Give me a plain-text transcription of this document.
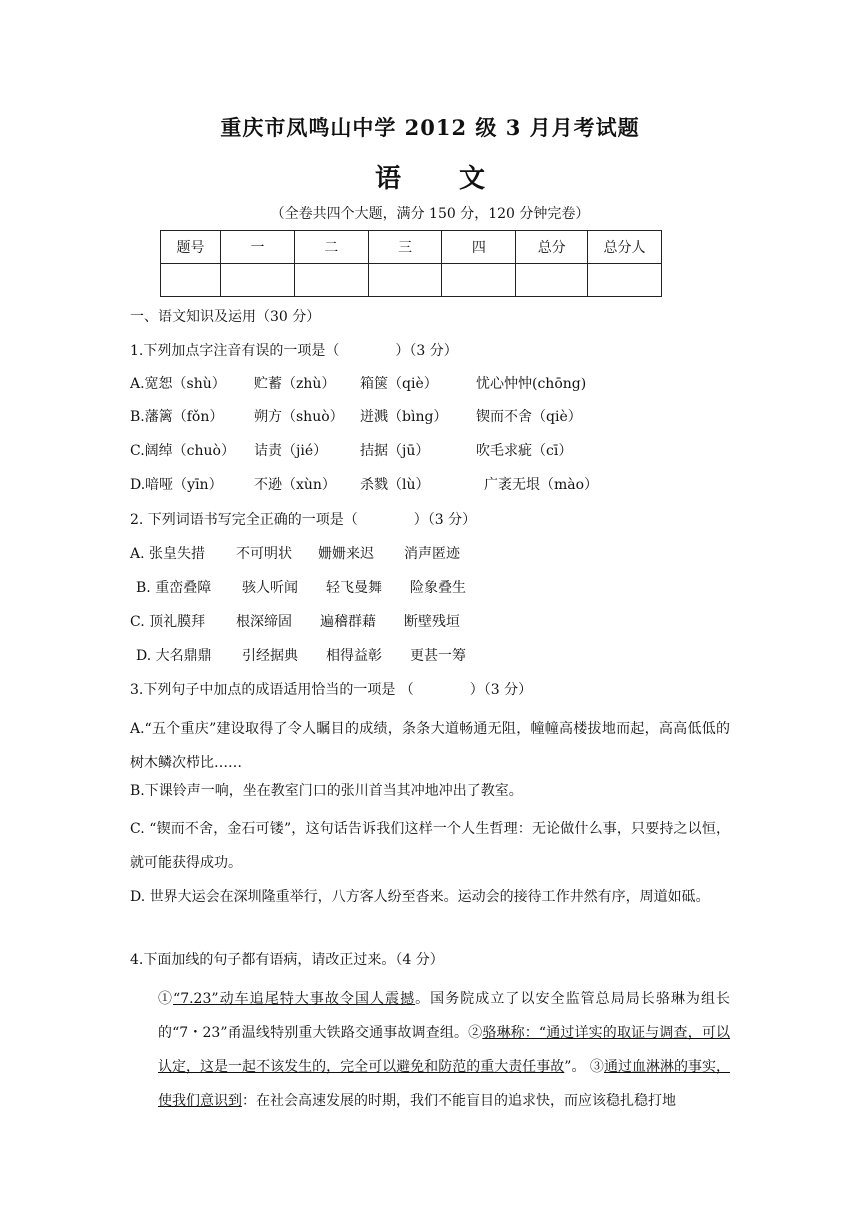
重庆市凤鸣山中学 2012 级 3 月月考试题
语文
（全卷共四个大题，满分 150 分，120 分钟完卷）
题号	一	二	三	四	总分	总分人

一、语文知识及运用（30 分）
1.下列加点字注音有误的一项是（　　　　）（3 分）
A.宽恕（shù） 贮蓄（zhù） 箱箧（qiè）	忧心忡忡(chōng)
B.藩篱（fǒn） 朔方（shuò） 迸溅（bìng） 锲而不舍（qiè）
C.阔绰（chuò） 诘责（jié） 拮据（jū）	吹毛求疵（cī）
D.喑哑（yīn） 不逊（xùn） 杀戮（lù）	广袤无垠（mào）
2. 下列词语书写完全正确的一项是（　　　　）（3 分）
A. 张皇失措 不可明状 姗姗来迟 消声匿迹
B. 重峦叠障 骇人听闻 轻飞曼舞 险象叠生
C. 顶礼膜拜 根深缔固 遍稽群藉 断壁残垣
D. 大名鼎鼎 引经据典 相得益彰 更甚一筹
3.下列句子中加点的成语适用恰当的一项是 （　　　　）（3 分）
A.“五个重庆”建设取得了令人瞩目的成绩，条条大道畅通无阻，幢幢高楼拔地而起，高高低低的树木鳞次栉比……
B.下课铃声一响，坐在教室门口的张川首当其冲地冲出了教室。
C. “锲而不舍，金石可镂”，这句话告诉我们这样一个人生哲理：无论做什么事，只要持之以恒，就可能获得成功。
D. 世界大运会在深圳隆重举行，八方客人纷至沓来。运动会的接待工作井然有序，周道如砥。
4.下面加线的句子都有语病，请改正过来。（4 分）
①“7.23”动车追尾特大事故令国人震撼。国务院成立了以安全监管总局局长骆琳为组长的“7・23”甬温线特别重大铁路交通事故调查组。②骆琳称：“通过详实的取证与调查，可以认定，这是一起不该发生的，完全可以避免和防范的重大责任事故”。 ③通过血淋淋的事实，使我们意识到：在社会高速发展的时期，我们不能盲目的追求快，而应该稳扎稳打地
